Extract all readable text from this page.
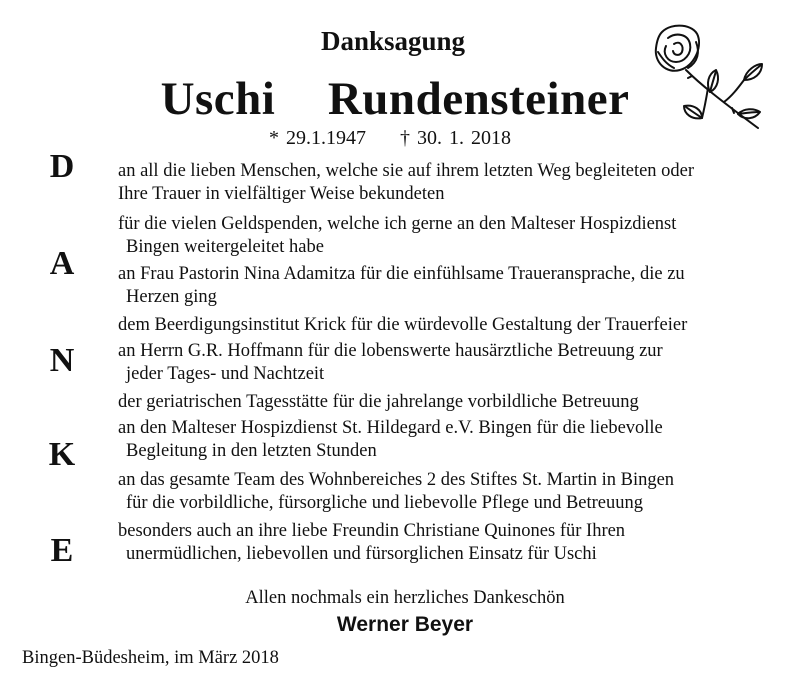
Danksagung
Uschi  Rundensteiner
* 29.1.1947 † 30. 1. 2018
D
A
N
K
E
an all die lieben Menschen, welche sie auf ihrem letzten Weg begleiteten oder
Ihre Trauer in vielfältiger Weise bekundeten
für die vielen Geldspenden, welche ich gerne an den Malteser Hospizdienst
Bingen weitergeleitet habe
an Frau Pastorin Nina Adamitza für die einfühlsame Traueransprache, die zu
Herzen ging
dem Beerdigungsinstitut Krick für die würdevolle Gestaltung der Trauerfeier
an Herrn G.R. Hoffmann für die lobenswerte hausärztliche Betreuung zur
jeder Tages- und Nachtzeit
der geriatrischen Tagesstätte für die jahrelange vorbildliche Betreuung
an den Malteser Hospizdienst St. Hildegard e.V. Bingen für die liebevolle
Begleitung in den letzten Stunden
an das gesamte Team des Wohnbereiches 2 des Stiftes St. Martin in Bingen
für die vorbildliche, fürsorgliche und liebevolle Pflege und Betreuung
besonders auch an ihre liebe Freundin Christiane Quinones für Ihren
unermüdlichen, liebevollen und fürsorglichen Einsatz für Uschi
Allen nochmals ein herzliches Dankeschön
Werner Beyer
Bingen-Büdesheim, im März 2018
